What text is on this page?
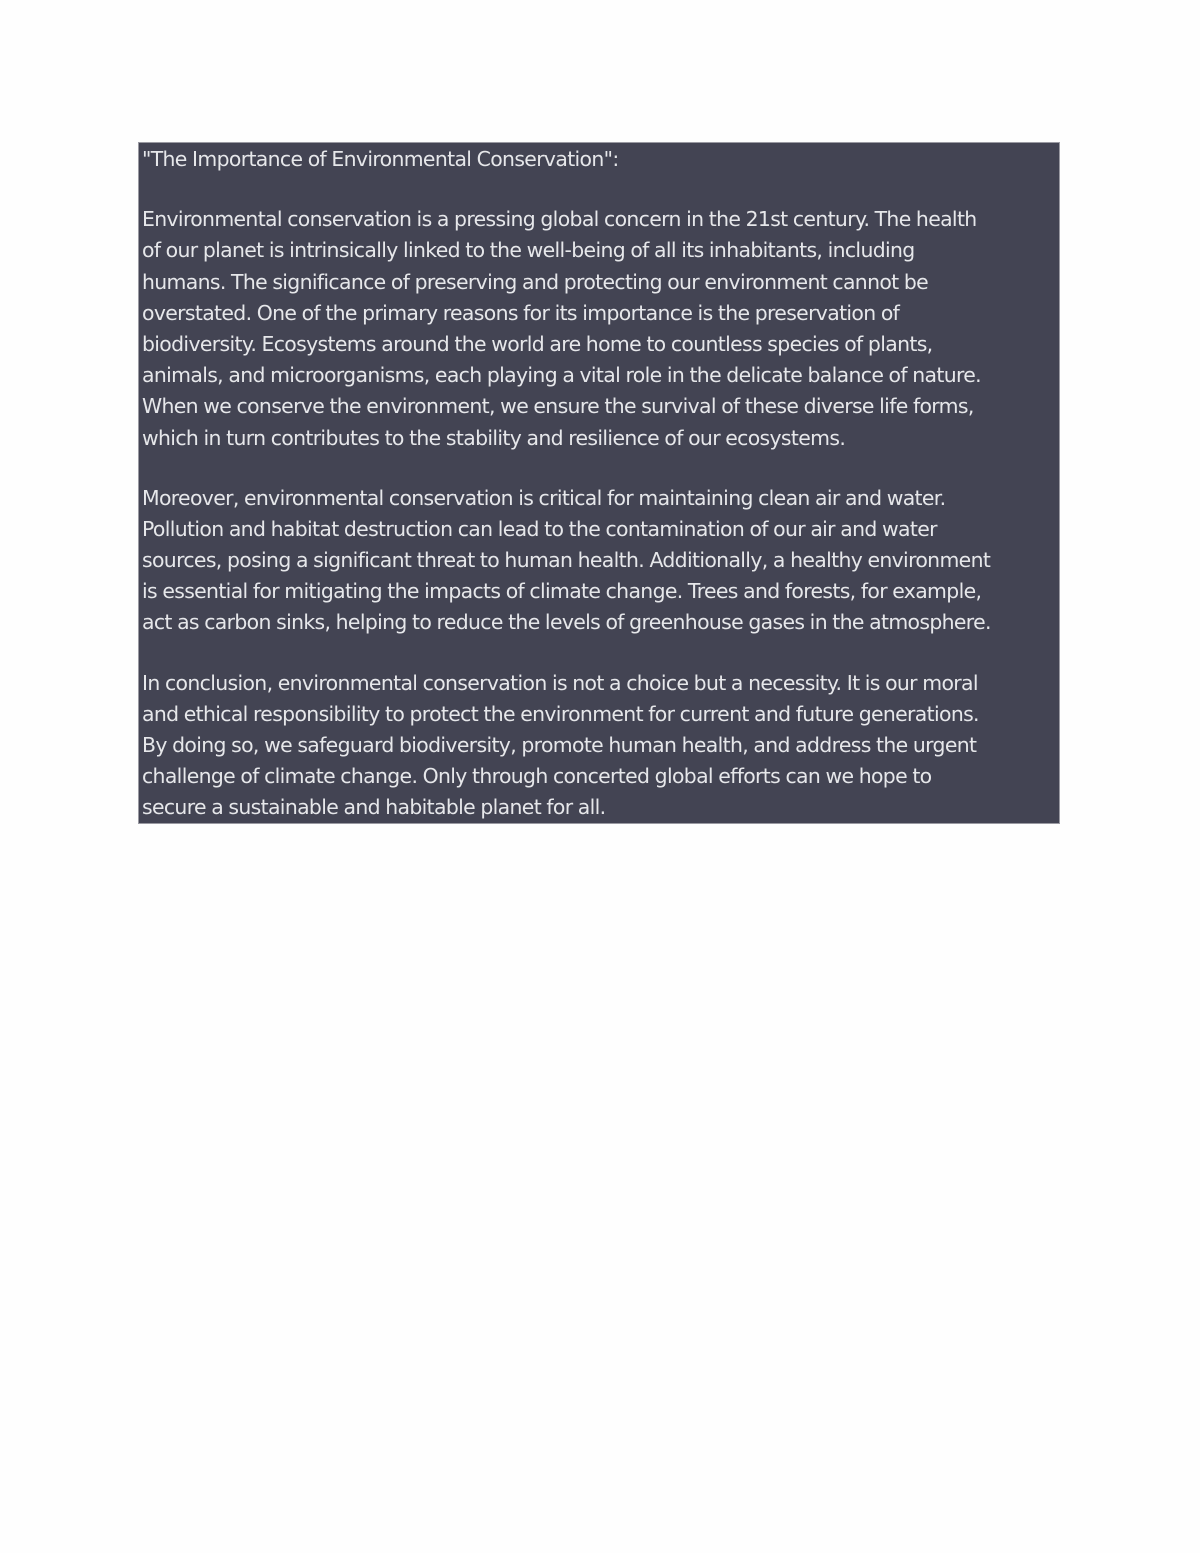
"The Importance of Environmental Conservation":
Environmental conservation is a pressing global concern in the 21st century. The health
of our planet is intrinsically linked to the well-being of all its inhabitants, including
humans. The significance of preserving and protecting our environment cannot be
overstated. One of the primary reasons for its importance is the preservation of
biodiversity. Ecosystems around the world are home to countless species of plants,
animals, and microorganisms, each playing a vital role in the delicate balance of nature.
When we conserve the environment, we ensure the survival of these diverse life forms,
which in turn contributes to the stability and resilience of our ecosystems.
Moreover, environmental conservation is critical for maintaining clean air and water.
Pollution and habitat destruction can lead to the contamination of our air and water
sources, posing a significant threat to human health. Additionally, a healthy environment
is essential for mitigating the impacts of climate change. Trees and forests, for example,
act as carbon sinks, helping to reduce the levels of greenhouse gases in the atmosphere.
In conclusion, environmental conservation is not a choice but a necessity. It is our moral
and ethical responsibility to protect the environment for current and future generations.
By doing so, we safeguard biodiversity, promote human health, and address the urgent
challenge of climate change. Only through concerted global efforts can we hope to
secure a sustainable and habitable planet for all.
